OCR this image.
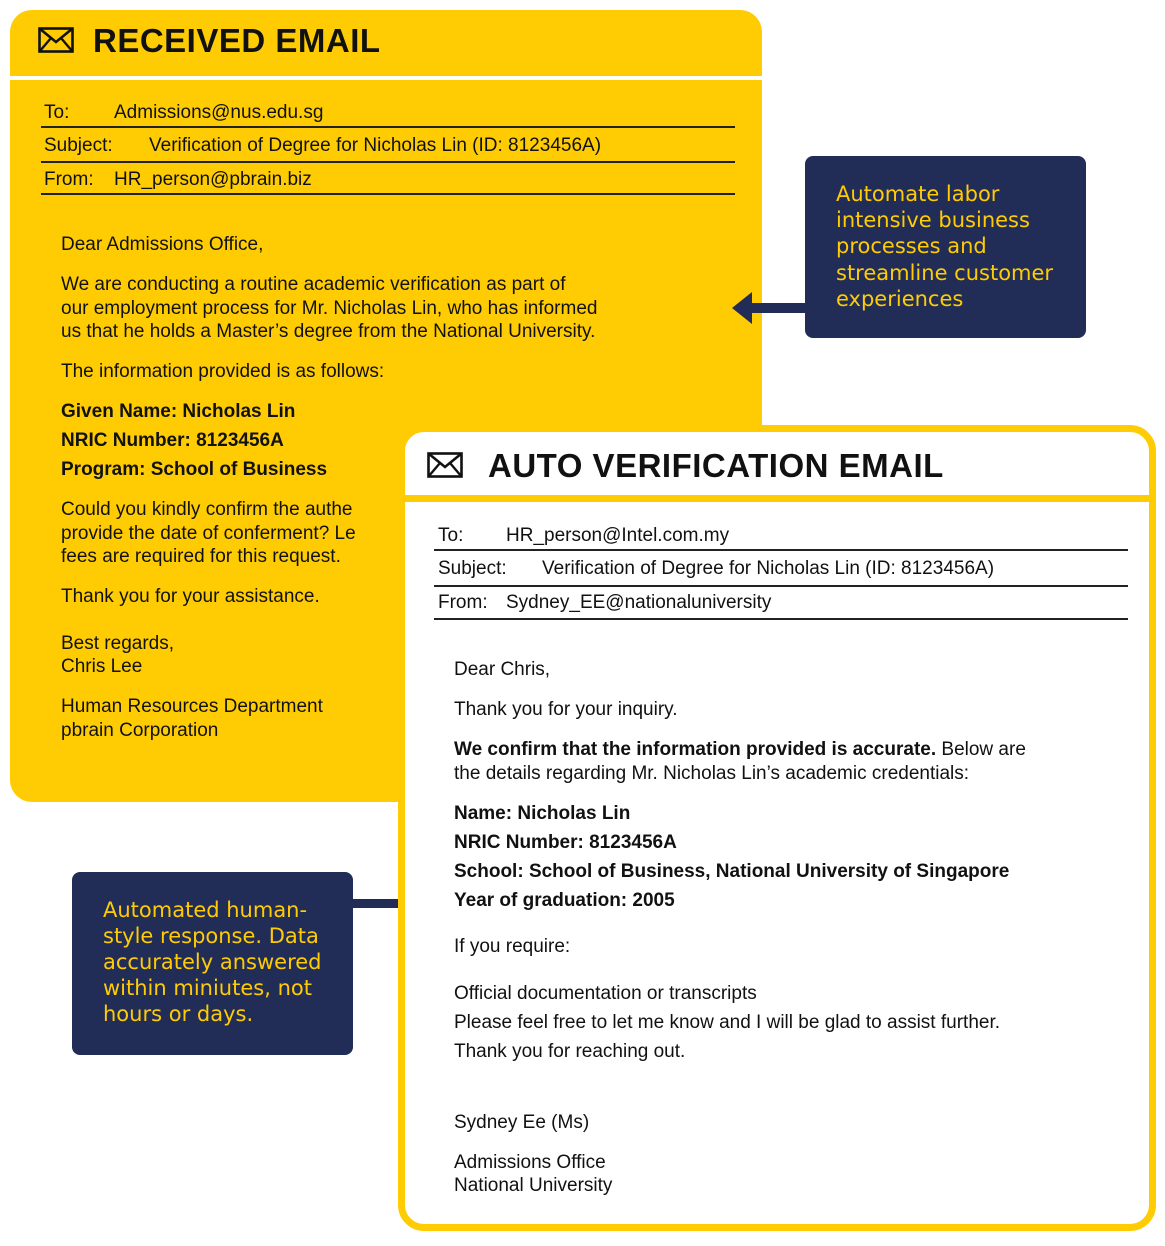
RECEIVED EMAIL
To: Admissions@nus.edu.sg
Subject: Verification of Degree for Nicholas Lin (ID: 8123456A)
From: HR_person@pbrain.biz
Dear Admissions Office,
We are conducting a routine academic verification as part of
our employment process for Mr. Nicholas Lin, who has informed
us that he holds a Master’s degree from the National University.
The information provided is as follows:
Given Name: Nicholas Lin
NRIC Number: 8123456A
Program: School of Business
Could you kindly confirm the authe
provide the date of conferment? Le
fees are required for this request.
Thank you for your assistance.
Best regards,
Chris Lee
Human Resources Department
pbrain Corporation
Automate labor
intensive business
processes and
streamline customer
experiences
Automated human-
style response. Data
accurately answered
within miniutes, not
hours or days.
AUTO VERIFICATION EMAIL
To: HR_person@Intel.com.my
Subject: Verification of Degree for Nicholas Lin (ID: 8123456A)
From: Sydney_EE@nationaluniversity
Dear Chris,
Thank you for your inquiry.
We confirm that the information provided is accurate. Below are
the details regarding Mr. Nicholas Lin’s academic credentials:
Name: Nicholas Lin
NRIC Number: 8123456A
School: School of Business, National University of Singapore
Year of graduation: 2005
If you require:
Official documentation or transcripts
Please feel free to let me know and I will be glad to assist further.
Thank you for reaching out.
Sydney Ee (Ms)
Admissions Office
National University
